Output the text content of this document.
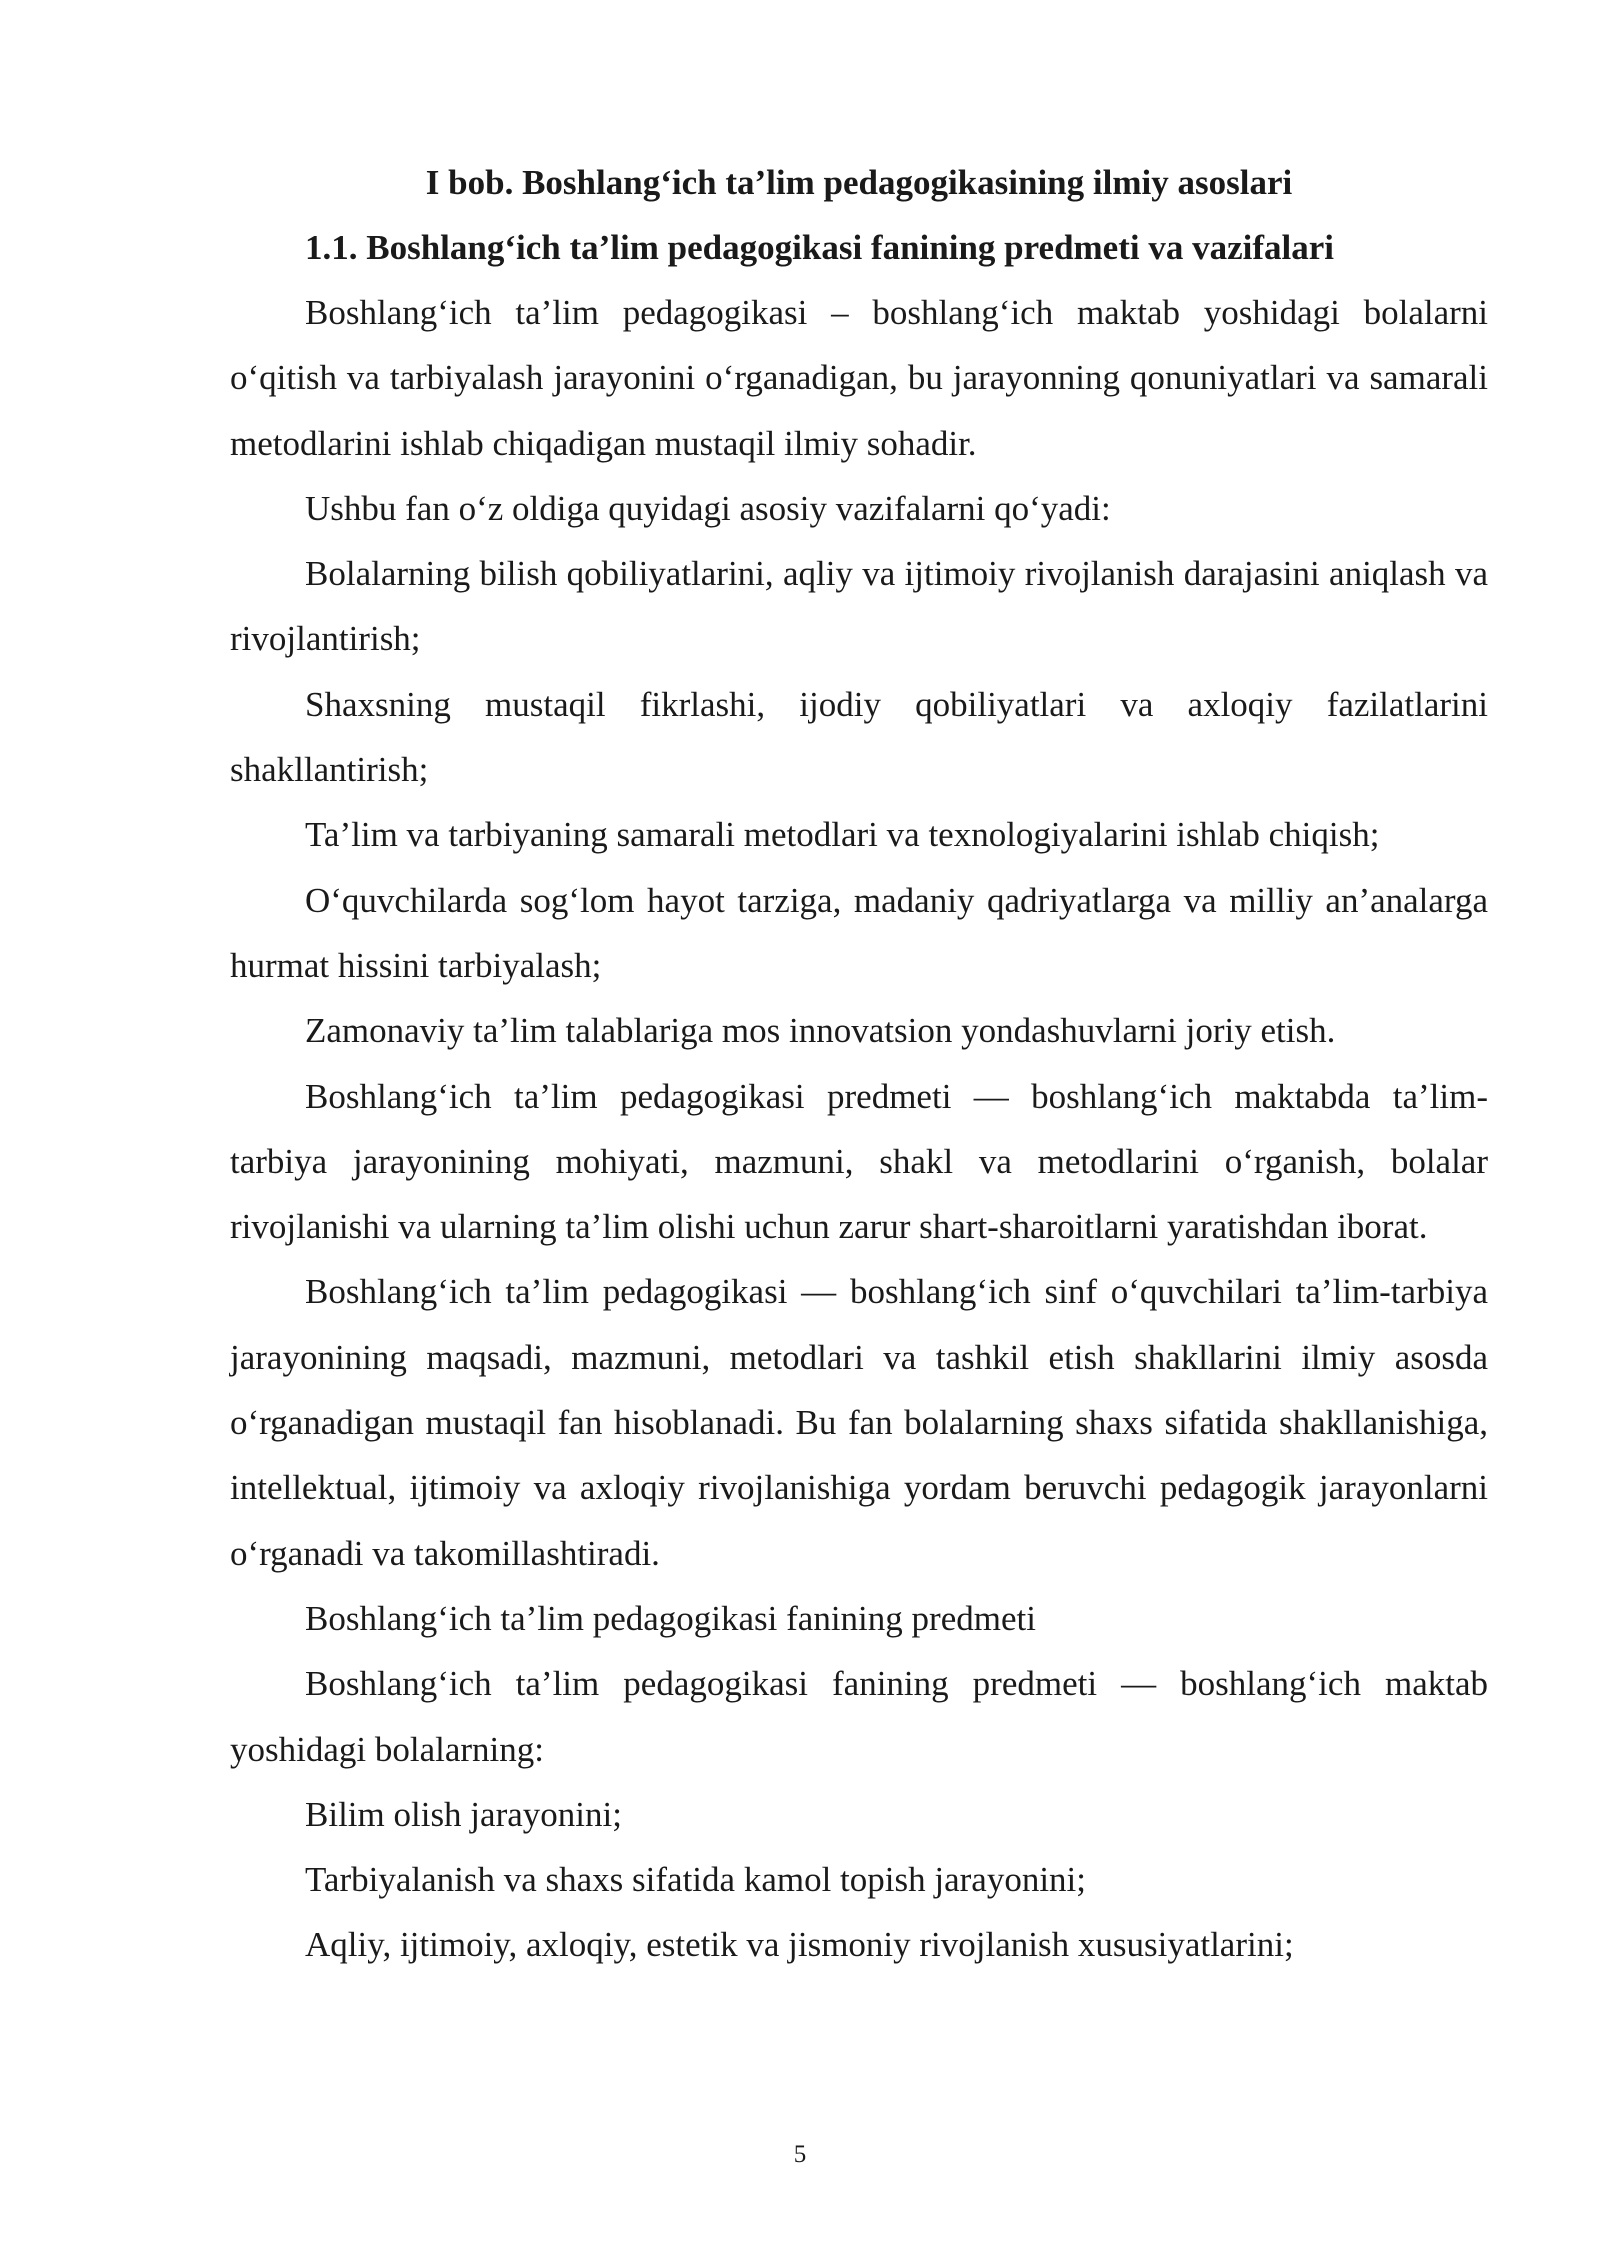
I bob. Boshlang‘ich ta’lim pedagogikasining ilmiy asoslari
1.1. Boshlang‘ich ta’lim pedagogikasi fanining predmeti va vazifalari

Boshlang‘ich ta’lim pedagogikasi – boshlang‘ich maktab yoshidagi bolalarni o‘qitish va tarbiyalash jarayonini o‘rganadigan, bu jarayonning qonuniyatlari va samarali metodlarini ishlab chiqadigan mustaqil ilmiy sohadir.

Ushbu fan o‘z oldiga quyidagi asosiy vazifalarni qo‘yadi:

Bolalarning bilish qobiliyatlarini, aqliy va ijtimoiy rivojlanish darajasini aniqlash va rivojlantirish;

Shaxsning mustaqil fikrlashi, ijodiy qobiliyatlari va axloqiy fazilatlarini shakllantirish;

Ta’lim va tarbiyaning samarali metodlari va texnologiyalarini ishlab chiqish;

O‘quvchilarda sog‘lom hayot tarziga, madaniy qadriyatlarga va milliy an’analarga hurmat hissini tarbiyalash;

Zamonaviy ta’lim talablariga mos innovatsion yondashuvlarni joriy etish.

Boshlang‘ich ta’lim pedagogikasi predmeti — boshlang‘ich maktabda ta’lim-tarbiya jarayonining mohiyati, mazmuni, shakl va metodlarini o‘rganish, bolalar rivojlanishi va ularning ta’lim olishi uchun zarur shart-sharoitlarni yaratishdan iborat.

Boshlang‘ich ta’lim pedagogikasi — boshlang‘ich sinf o‘quvchilari ta’lim-tarbiya jarayonining maqsadi, mazmuni, metodlari va tashkil etish shakllarini ilmiy asosda o‘rganadigan mustaqil fan hisoblanadi. Bu fan bolalarning shaxs sifatida shakllanishiga, intellektual, ijtimoiy va axloqiy rivojlanishiga yordam beruvchi pedagogik jarayonlarni o‘rganadi va takomillashtiradi.

Boshlang‘ich ta’lim pedagogikasi fanining predmeti

Boshlang‘ich ta’lim pedagogikasi fanining predmeti — boshlang‘ich maktab yoshidagi bolalarning:

Bilim olish jarayonini;

Tarbiyalanish va shaxs sifatida kamol topish jarayonini;

Aqliy, ijtimoiy, axloqiy, estetik va jismoniy rivojlanish xususiyatlarini;

5
